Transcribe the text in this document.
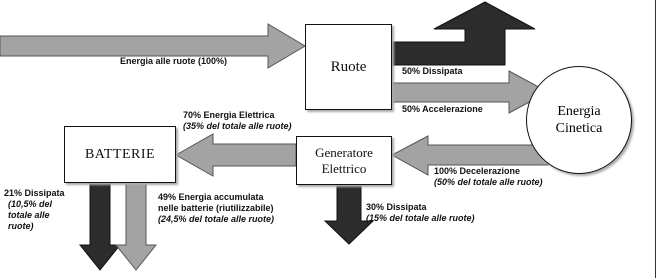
Ruote
BATTERIE	Generatore
Elettrico
Energia
Cinetica
Energia alle ruote (100%)
50% Dissipata
50% Accelerazione
70% Energia Elettrica
(35% del totale alle ruote)
100% Decelerazione
(50% del totale alle ruote)
30% Dissipata
(15% del totale alle ruote)
21% Dissipata
(10,5% del
totale alle
ruote)
49% Energia accumulata
nelle batterie (riutilizzabile)
(24,5% del totale alle ruote)
